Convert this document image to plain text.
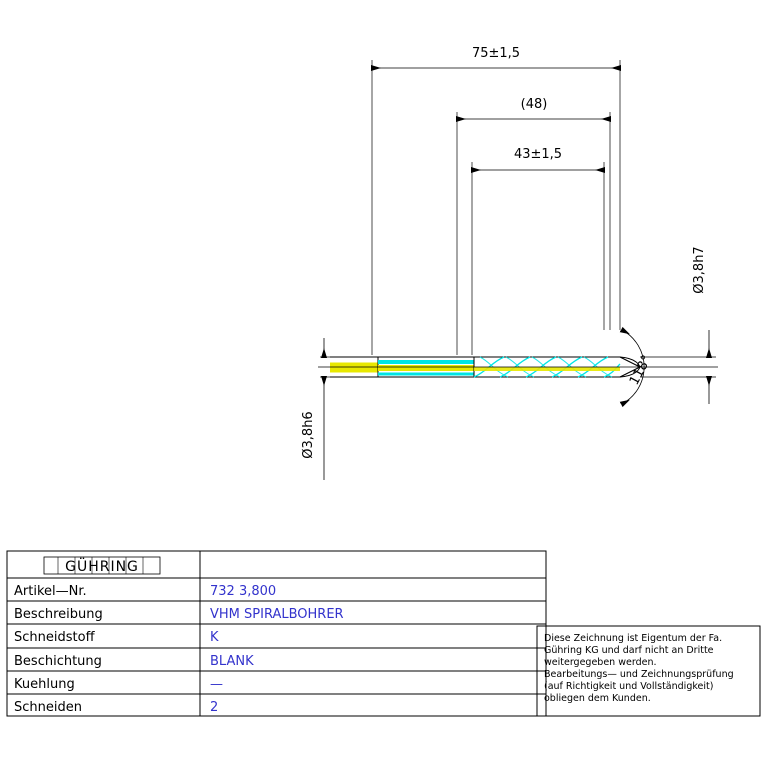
75±1,5
(48)
43±1,5
Ø3,8h7
Ø3,8h6
118°
GÜHRING
Artikel—Nr.	732 3,800
Beschreibung	VHM SPIRALBOHRER
Schneidstoff	K
Beschichtung	BLANK
Kuehlung	—
Schneiden	2
Diese Zeichnung ist Eigentum der Fa.
Gühring KG und darf nicht an Dritte
weitergegeben werden.
Bearbeitungs— und Zeichnungsprüfung
(auf Richtigkeit und Vollständigkeit)
obliegen dem Kunden.
